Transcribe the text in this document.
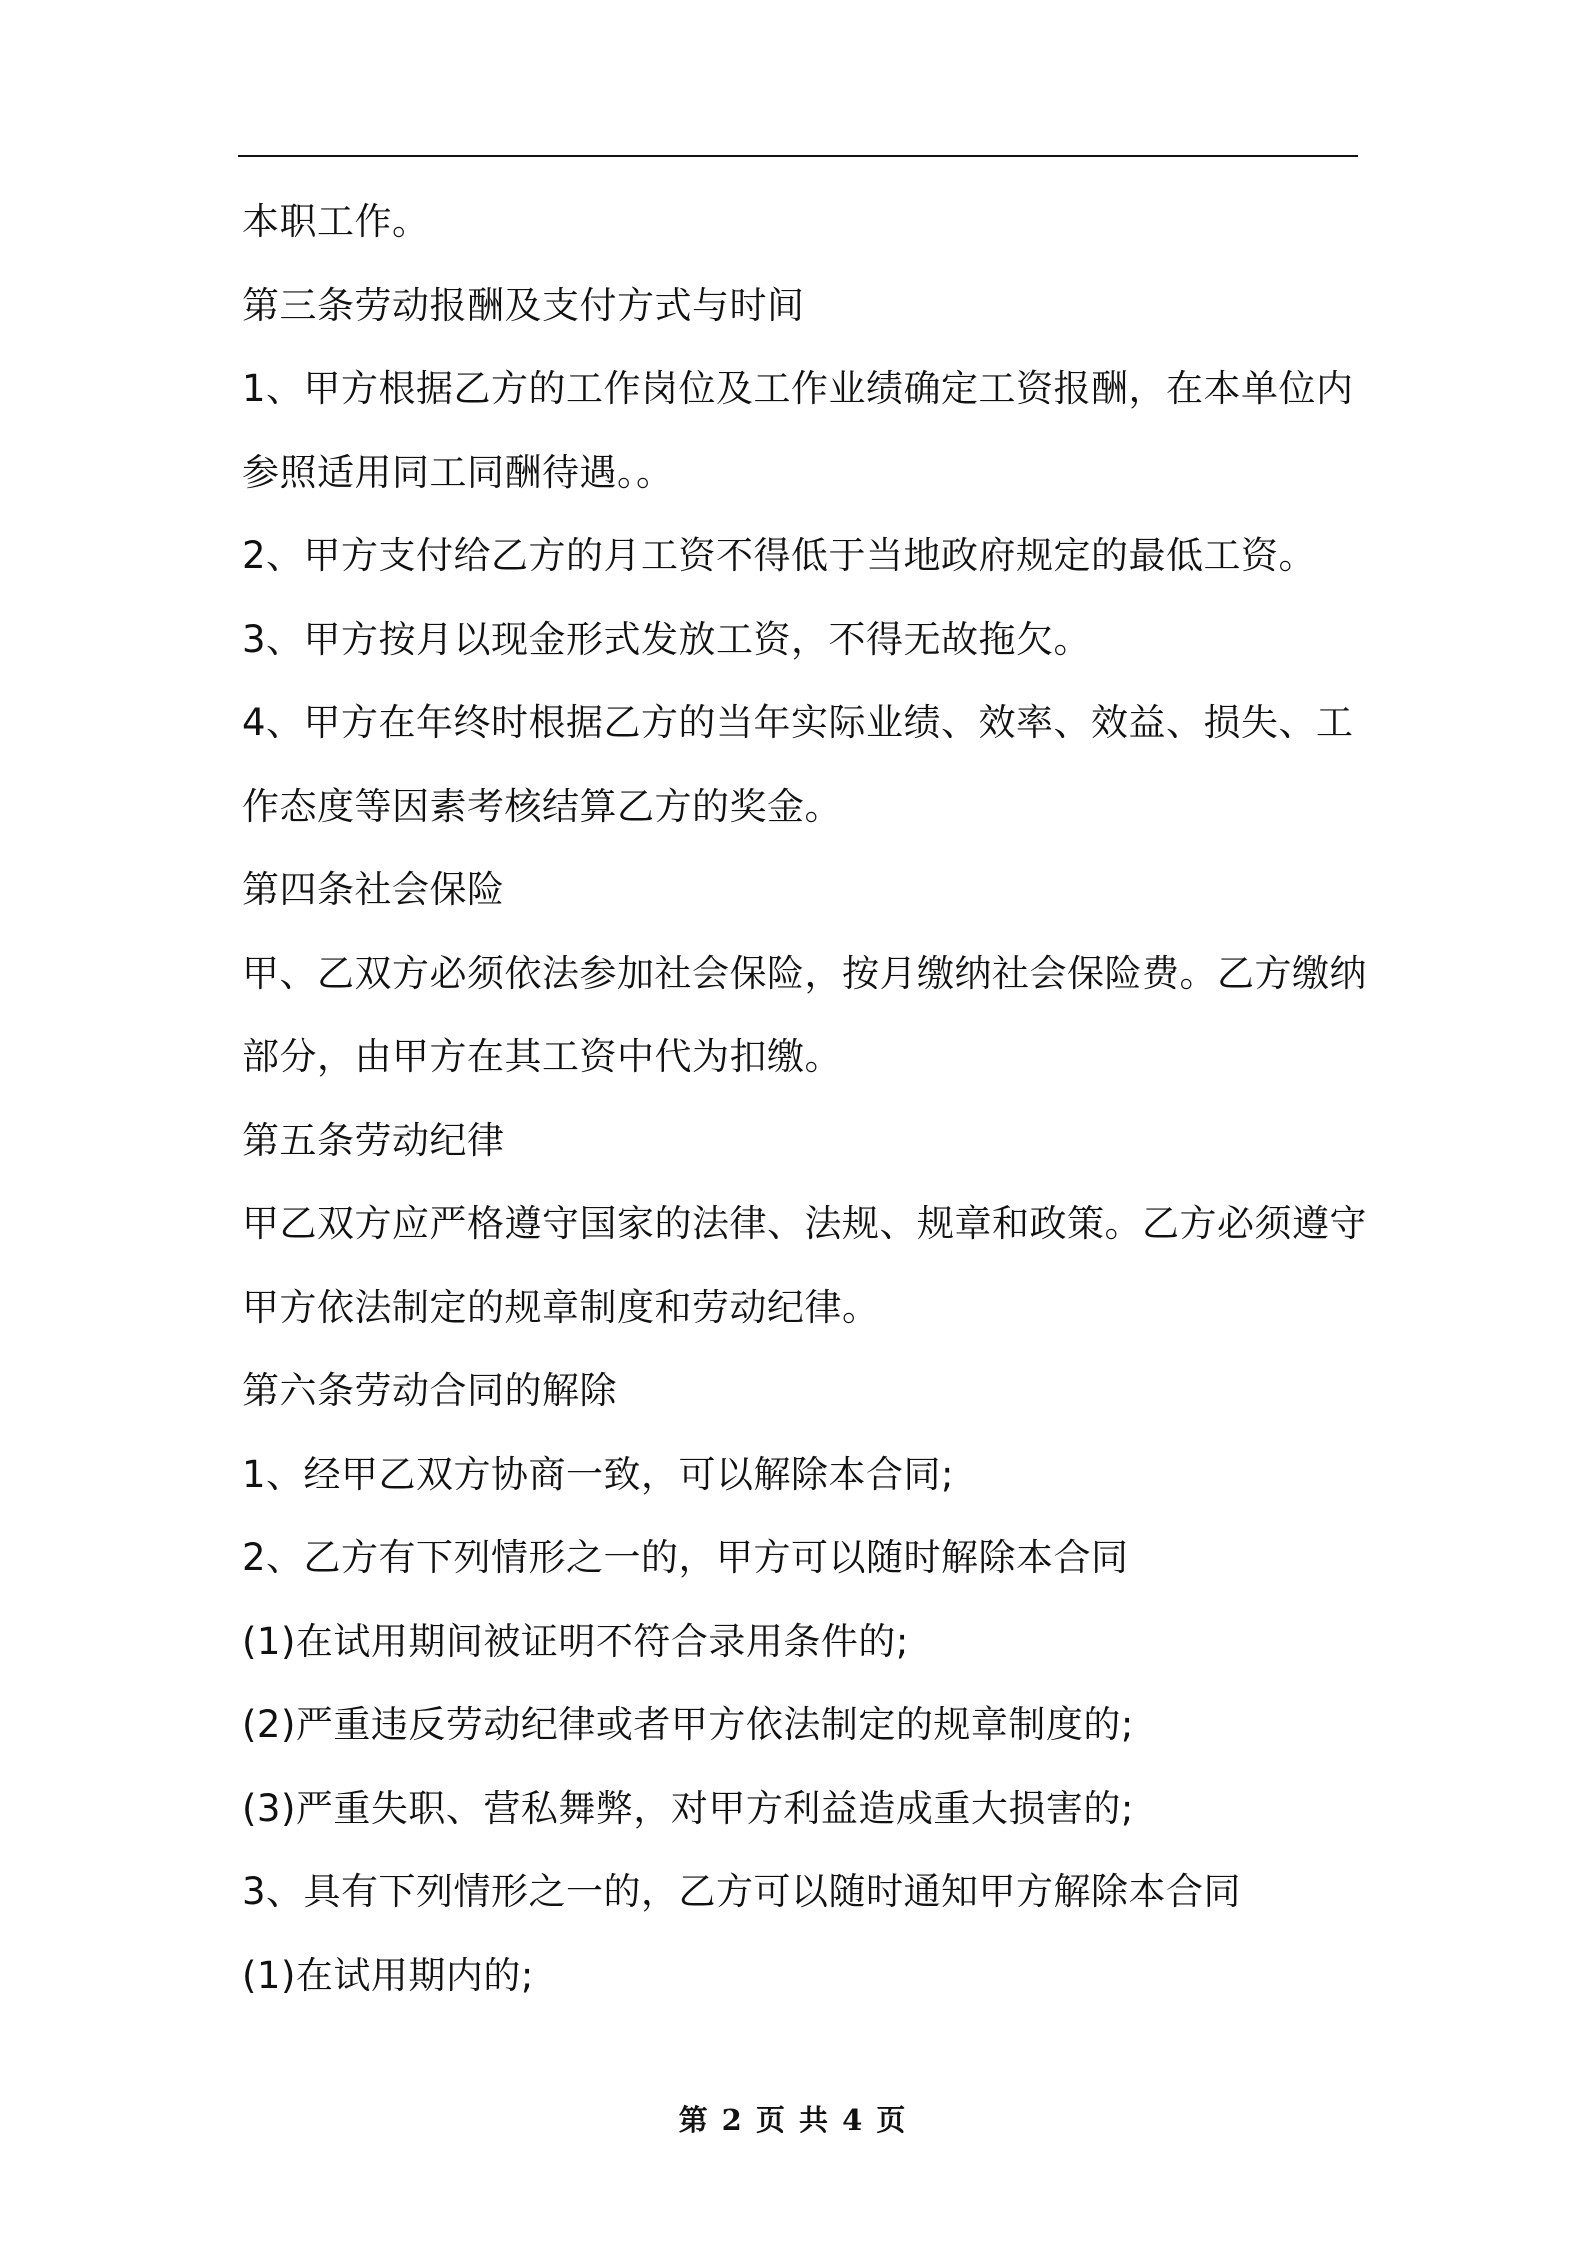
本职工作。
第三条劳动报酬及支付方式与时间
1、甲方根据乙方的工作岗位及工作业绩确定工资报酬，在本单位内
参照适用同工同酬待遇。。
2、甲方支付给乙方的月工资不得低于当地政府规定的最低工资。
3、甲方按月以现金形式发放工资，不得无故拖欠。
4、甲方在年终时根据乙方的当年实际业绩、效率、效益、损失、工
作态度等因素考核结算乙方的奖金。
第四条社会保险
甲、乙双方必须依法参加社会保险，按月缴纳社会保险费。乙方缴纳
部分，由甲方在其工资中代为扣缴。
第五条劳动纪律
甲乙双方应严格遵守国家的法律、法规、规章和政策。乙方必须遵守
甲方依法制定的规章制度和劳动纪律。
第六条劳动合同的解除
1、经甲乙双方协商一致，可以解除本合同;
2、乙方有下列情形之一的，甲方可以随时解除本合同
(1)在试用期间被证明不符合录用条件的;
(2)严重违反劳动纪律或者甲方依法制定的规章制度的;
(3)严重失职、营私舞弊，对甲方利益造成重大损害的;
3、具有下列情形之一的，乙方可以随时通知甲方解除本合同
(1)在试用期内的;
第 2 页 共 4 页
